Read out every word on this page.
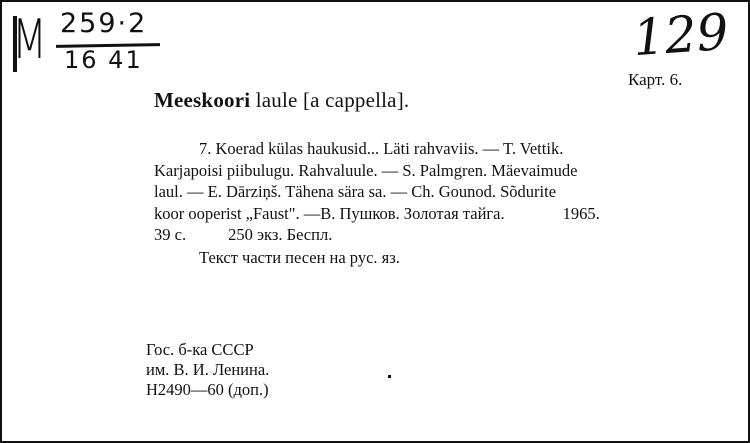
M 259·2
16 41	129
Карт. 6.
Meeskoori laule [a cappella].
7. Koerad külas haukusid... Läti rahvaviis. — T. Vettik.
Karjapoisi piibulugu. Rahvaluule. — S. Palmgren. Mäevaimude
laul. — E. Dārziņš. Tähena sära sa. — Ch. Gounod. Sõdurite
koor ooperist „Faust". —В. Пушков. Золотая тайга.	1965.
39 с.	250 экз. Беспл.
Текст части песен на рус. яз.
Гос. б-ка СССР
им. В. И. Ленина.
Н2490—60 (доп.)
